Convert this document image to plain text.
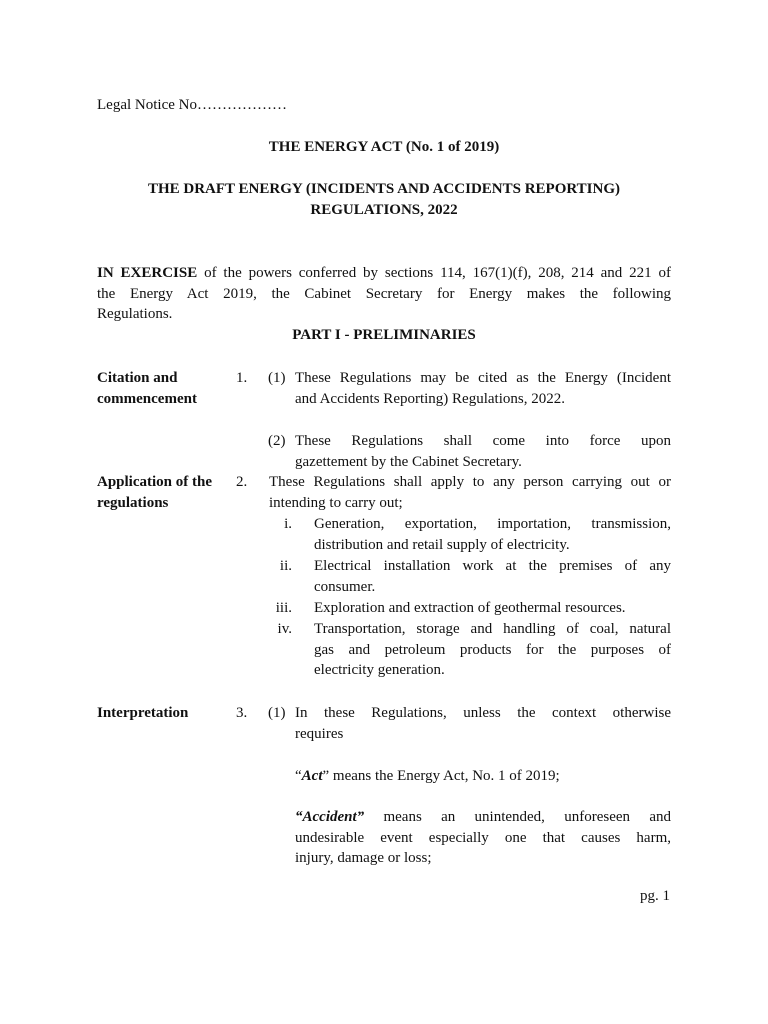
Legal Notice No………………

THE ENERGY ACT (No. 1 of 2019)

THE DRAFT ENERGY (INCIDENTS AND ACCIDENTS REPORTING)

REGULATIONS, 2022

IN EXERCISE of the powers conferred by sections 114, 167(1)(f), 208, 214 and 221 of
the Energy Act 2019, the Cabinet Secretary for Energy makes the following
Regulations.

PART I - PRELIMINARIES

Citation and
commencement

1. (1) These Regulations may be cited as the Energy (Incident
and Accidents Reporting) Regulations, 2022.

(2) These Regulations shall come into force upon
gazettement by the Cabinet Secretary.
Application of the
regulations

2. These Regulations shall apply to any person carrying out or
intending to carry out;

i. Generation, exportation, importation, transmission,
distribution and retail supply of electricity.

ii. Electrical installation work at the premises of any
consumer.

iii. Exploration and extraction of geothermal resources.

iv. Transportation, storage and handling of coal, natural
gas and petroleum products for the purposes of
electricity generation.

Interpretation	3. (1) In these Regulations, unless the context otherwise
requires

“Act” means the Energy Act, No. 1 of 2019;

“Accident” means an unintended, unforeseen and
undesirable event especially one that causes harm,
injury, damage or loss;

pg. 1
